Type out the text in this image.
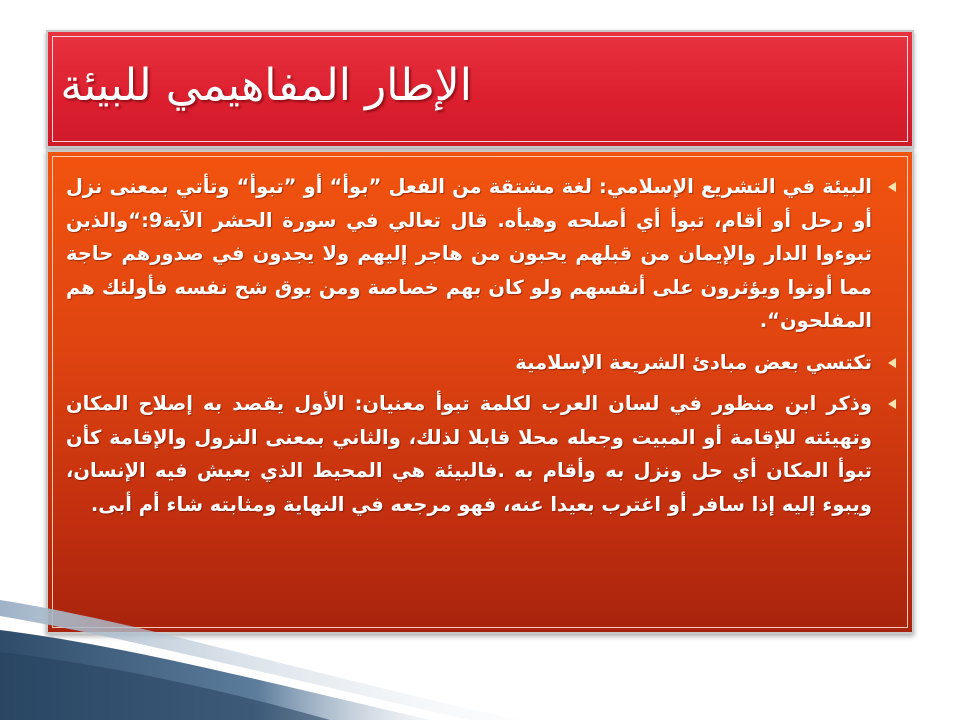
الإطار المفاهيمي للبيئة
البيئة في التشريع الإسلامي: لغة مشتقة من الفعل ”بوأ“ أو ”تبوأ“ وتأتي بمعنى نزل أو رحل أو أقام، تبوأ أي أصلحه وهيأه. قال تعالي في سورة الحشر الآية9:“والذين تبوءوا الدار والإيمان من قبلهم يحبون من هاجر إليهم ولا يجدون في صدورهم حاجة مما أوتوا ويؤثرون على أنفسهم ولو كان بهم خصاصة ومن يوق شح نفسه فأولئك هم المفلحون“.
تكتسي بعض مبادئ الشريعة الإسلامية
وذكر ابن منظور في لسان العرب لكلمة تبوأ معنيان: الأول يقصد به إصلاح المكان وتهيئته للإقامة أو المبيت وجعله محلا قابلا لذلك، والثاني بمعنى النزول والإقامة كأن تبوأ المكان أي حل ونزل به وأقام به .فالبيئة هي المحيط الذي يعيش فيه الإنسان، ويبوء إليه إذا سافر أو اغترب بعيدا عنه، فهو مرجعه في النهاية ومثابته شاء أم أبى.
